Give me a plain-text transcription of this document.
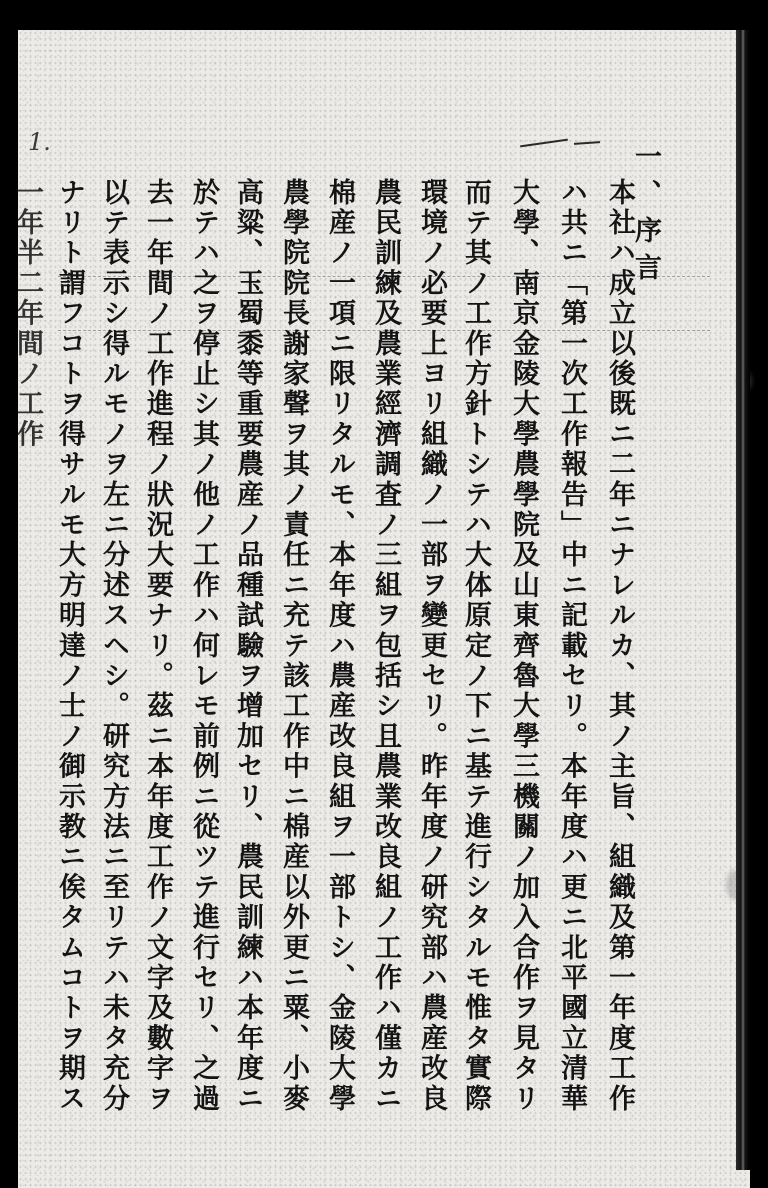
一、序言
本社ハ成立以後既ニ二年ニナレルカ、其ノ主旨、組織及第一年度工作
ハ共ニ「第一次工作報告」中ニ記載セリ。本年度ハ更ニ北平國立清華
大學、南京金陵大學農學院及山東齊魯大學三機關ノ加入合作ヲ見タリ
而テ其ノ工作方針トシテハ大体原定ノ下ニ基テ進行シタルモ惟タ實際
環境ノ必要上ヨリ組織ノ一部ヲ變更セリ。昨年度ノ研究部ハ農産改良
農民訓練及農業經濟調査ノ三組ヲ包括シ且農業改良組ノ工作ハ僅カニ
棉産ノ一項ニ限リタルモ、本年度ハ農産改良組ヲ一部トシ、金陵大學
農學院院長謝家聲ヲ其ノ責任ニ充テ該工作中ニ棉産以外更ニ粟、小麥
高粱、玉蜀黍等重要農産ノ品種試驗ヲ增加セリ、農民訓練ハ本年度ニ
於テハ之ヲ停止シ其ノ他ノ工作ハ何レモ前例ニ從ツテ進行セリ、之過
去一年間ノ工作進程ノ狀況大要ナリ。茲ニ本年度工作ノ文字及數字ヲ
以テ表示シ得ルモノヲ左ニ分述スヘシ。研究方法ニ至リテハ未タ充分
ナリト謂フコトヲ得サルモ大方明達ノ士ノ御示教ニ俟タムコトヲ期ス
一年半二年間ノ工作
1.
